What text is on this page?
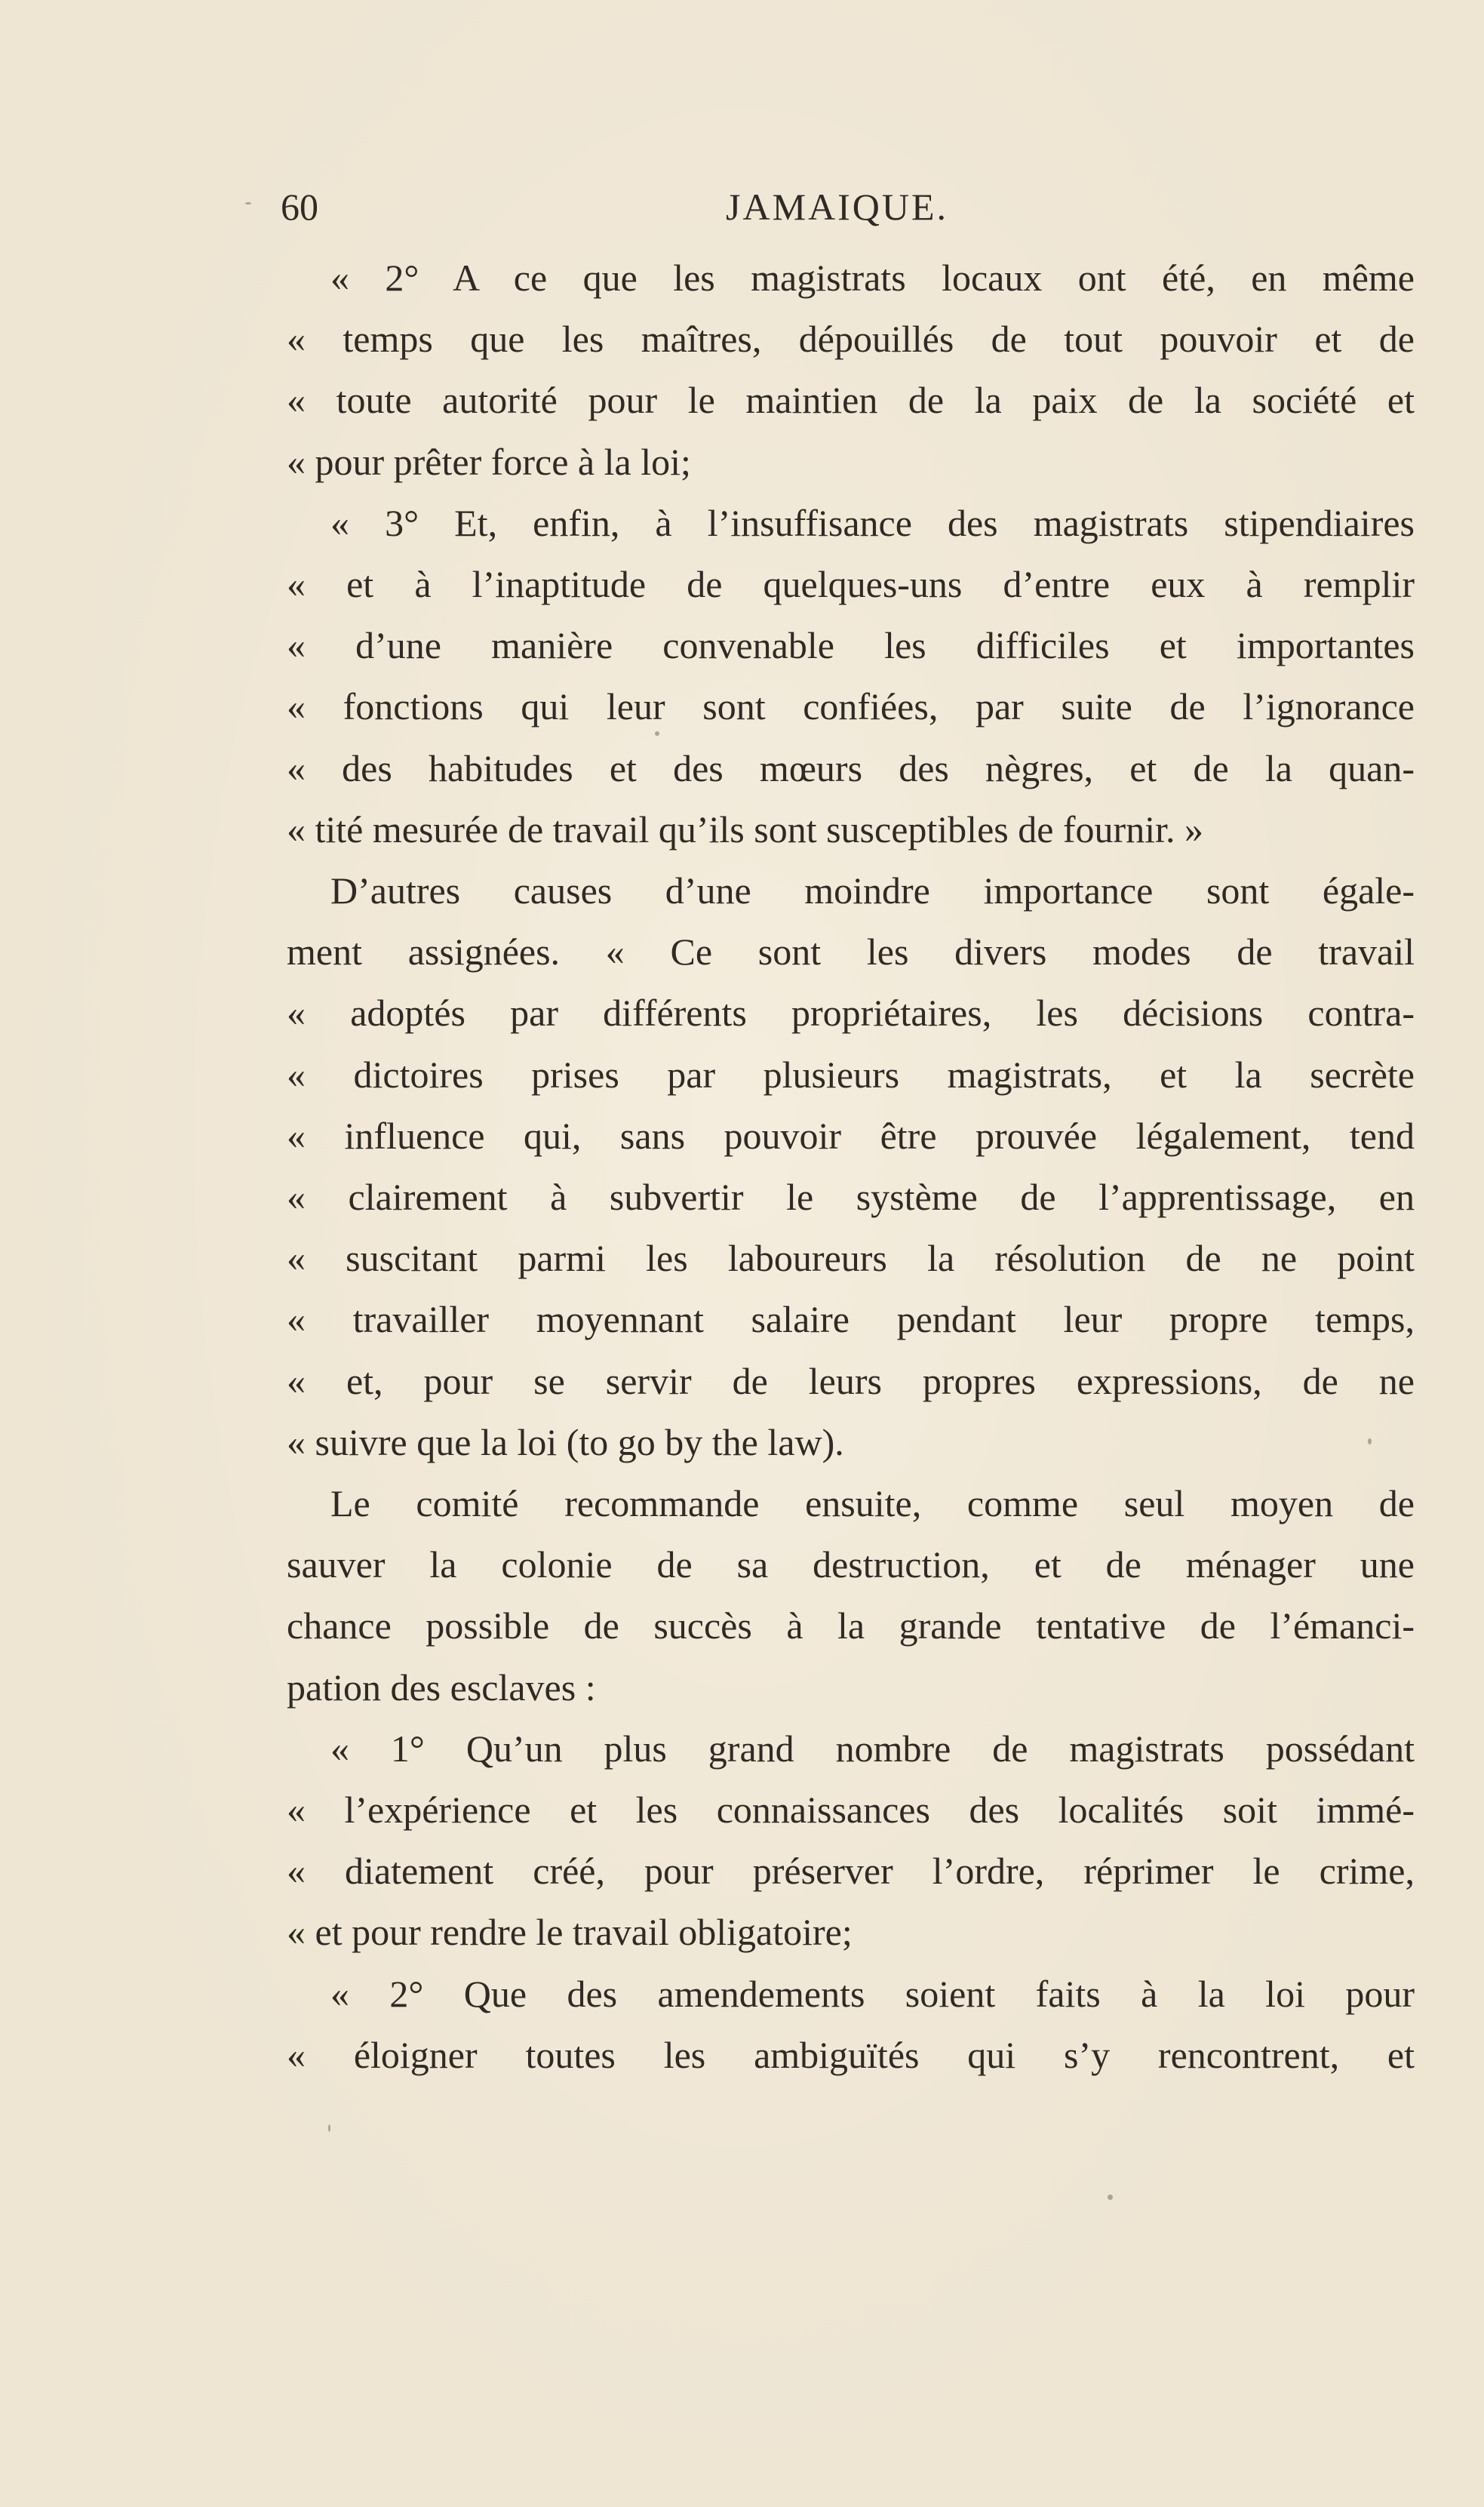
60	JAMAIQUE.
« 2° A ce que les magistrats locaux ont été, en même
« temps que les maîtres, dépouillés de tout pouvoir et de
« toute autorité pour le maintien de la paix de la société et
« pour prêter force à la loi;
« 3° Et, enfin, à l’insuffisance des magistrats stipendiaires
« et à l’inaptitude de quelques-uns d’entre eux à remplir
« d’une manière convenable les difficiles et importantes
« fonctions qui leur sont confiées, par suite de l’ignorance
« des habitudes et des mœurs des nègres, et de la quan-
« tité mesurée de travail qu’ils sont susceptibles de fournir. »
D’autres causes d’une moindre importance sont égale-
ment assignées. « Ce sont les divers modes de travail
« adoptés par différents propriétaires, les décisions contra-
« dictoires prises par plusieurs magistrats, et la secrète
« influence qui, sans pouvoir être prouvée légalement, tend
« clairement à subvertir le système de l’apprentissage, en
« suscitant parmi les laboureurs la résolution de ne point
« travailler moyennant salaire pendant leur propre temps,
« et, pour se servir de leurs propres expressions, de ne
« suivre que la loi (to go by the law).
Le comité recommande ensuite, comme seul moyen de
sauver la colonie de sa destruction, et de ménager une
chance possible de succès à la grande tentative de l’émanci-
pation des esclaves :
« 1° Qu’un plus grand nombre de magistrats possédant
« l’expérience et les connaissances des localités soit immé-
« diatement créé, pour préserver l’ordre, réprimer le crime,
« et pour rendre le travail obligatoire;
« 2° Que des amendements soient faits à la loi pour
« éloigner toutes les ambiguïtés qui s’y rencontrent, et
